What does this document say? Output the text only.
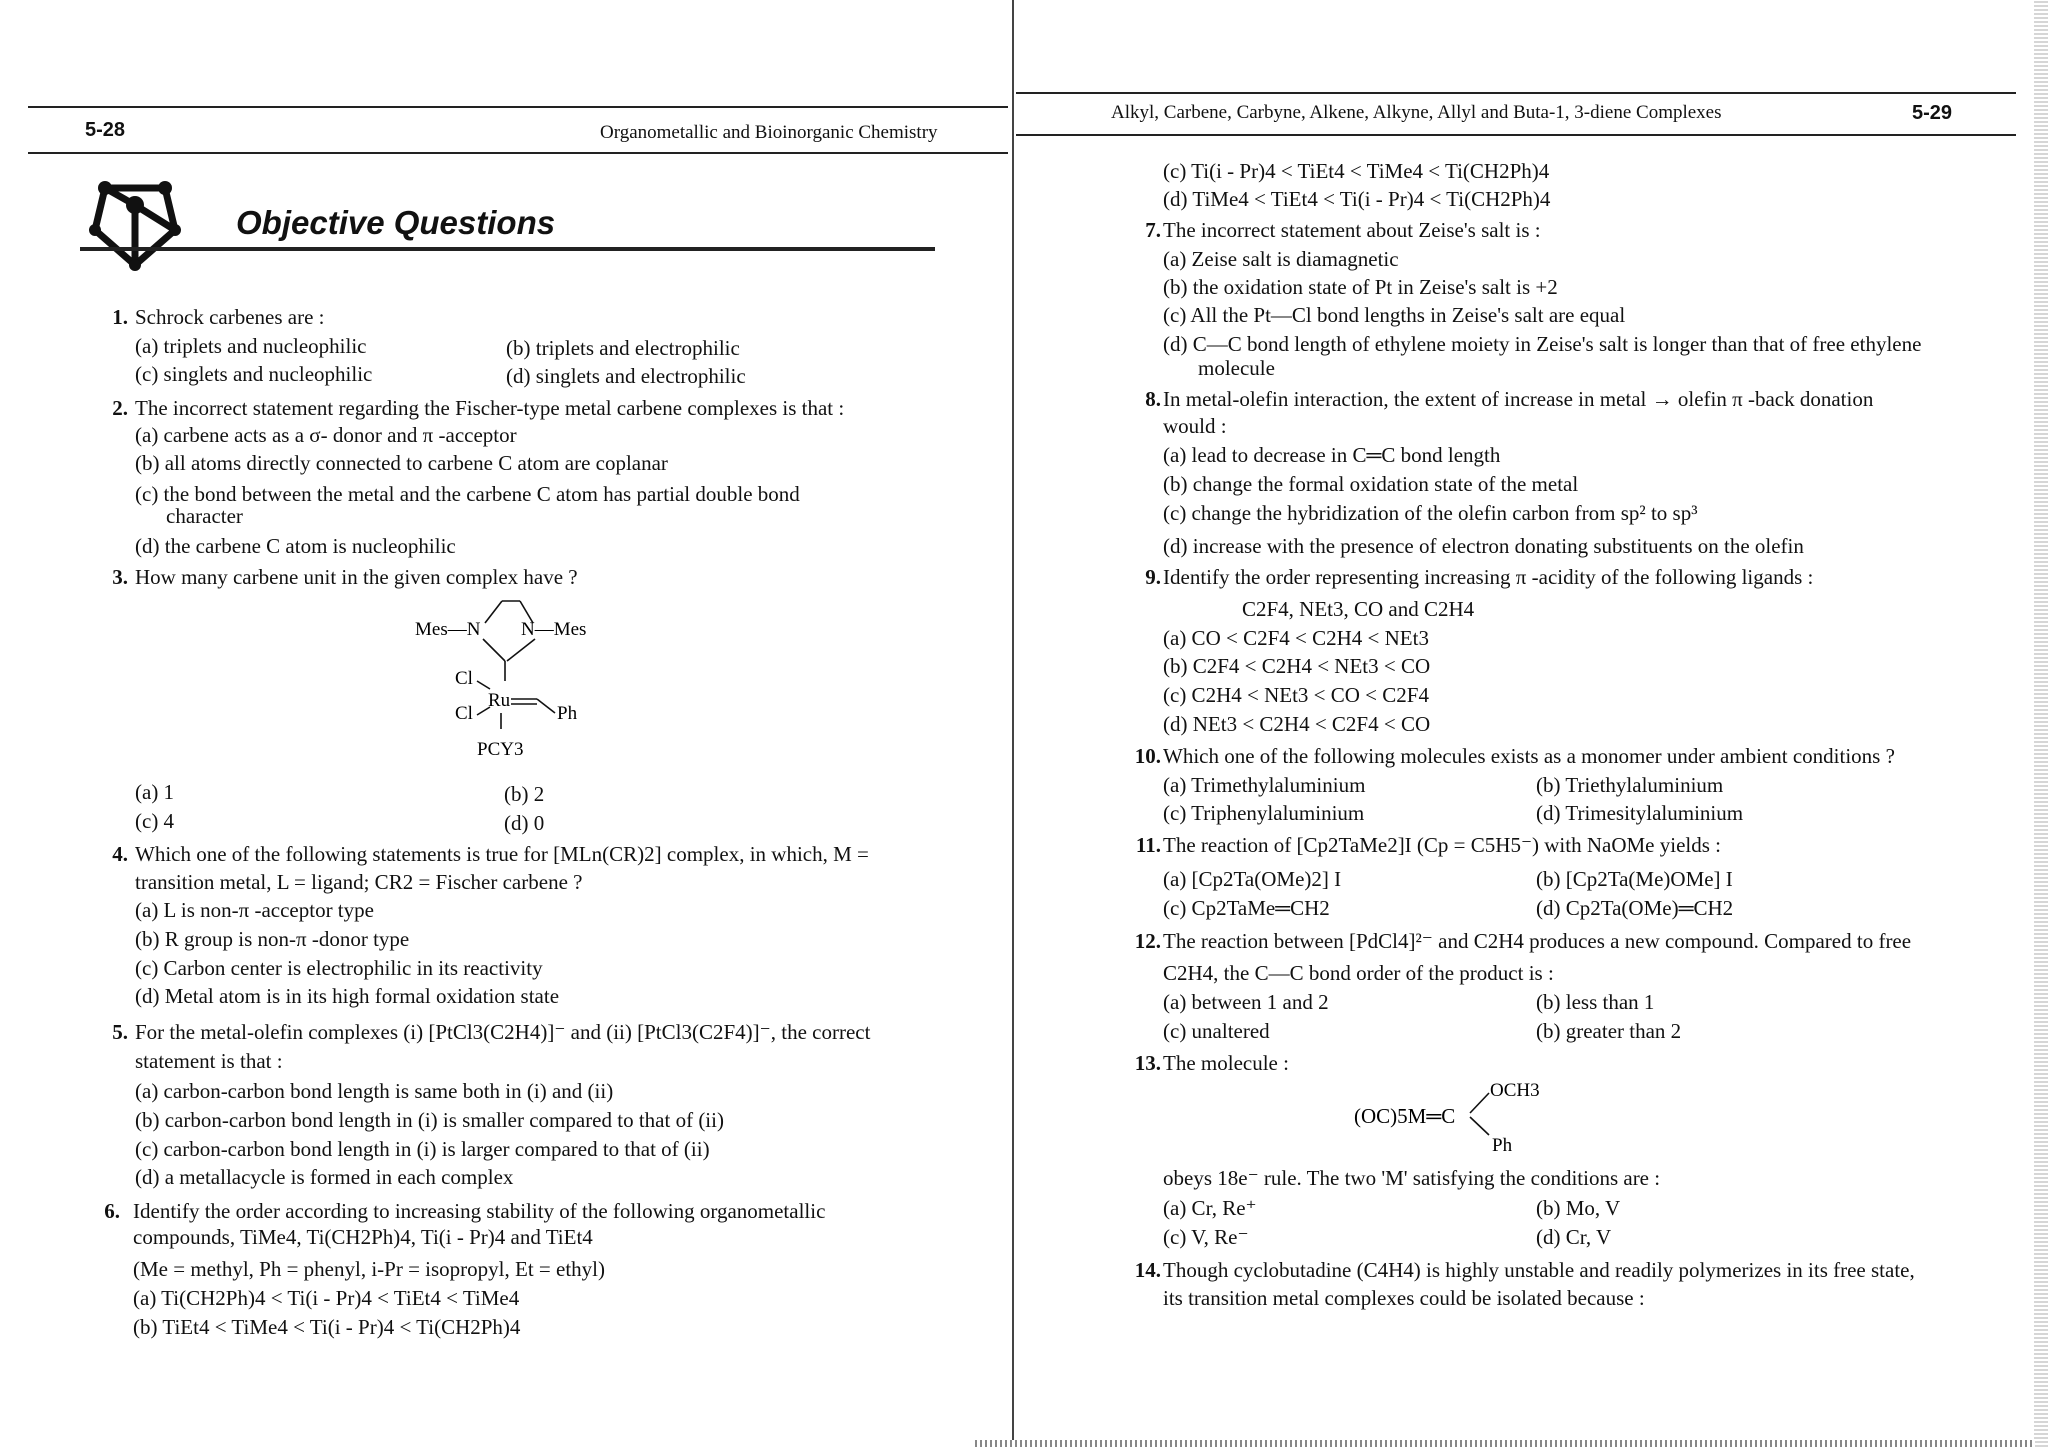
5-28	Organometallic and Bioinorganic Chemistry
Objective Questions
1. Schrock carbenes are :
(a) triplets and nucleophilic	(b) triplets and electrophilic
(c) singlets and nucleophilic	(d) singlets and electrophilic
2. The incorrect statement regarding the Fischer-type metal carbene complexes is that :
(a) carbene acts as a σ- donor and π -acceptor
(b) all atoms directly connected to carbene C atom are coplanar
(c) the bond between the metal and the carbene C atom has partial double bond
character
(d) the carbene C atom is nucleophilic
3. How many carbene unit in the given complex have ?
Mes—N N—Mes
Cl
Cl
Ru
Ph
PCY3
(a) 1	(b) 2
(c) 4	(d) 0
4. Which one of the following statements is true for [MLn(CR)2] complex, in which, M =
transition metal, L = ligand; CR2 = Fischer carbene ?
(a) L is non-π -acceptor type
(b) R group is non-π -donor type
(c) Carbon center is electrophilic in its reactivity
(d) Metal atom is in its high formal oxidation state
5. For the metal-olefin complexes (i) [PtCl3(C2H4)]⁻ and (ii) [PtCl3(C2F4)]⁻, the correct
statement is that :
(a) carbon-carbon bond length is same both in (i) and (ii)
(b) carbon-carbon bond length in (i) is smaller compared to that of (ii)
(c) carbon-carbon bond length in (i) is larger compared to that of (ii)
(d) a metallacycle is formed in each complex
6. Identify the order according to increasing stability of the following organometallic
compounds, TiMe4, Ti(CH2Ph)4, Ti(i - Pr)4 and TiEt4
(Me = methyl, Ph = phenyl, i-Pr = isopropyl, Et = ethyl)
(a) Ti(CH2Ph)4 < Ti(i - Pr)4 < TiEt4 < TiMe4
(b) TiEt4 < TiMe4 < Ti(i - Pr)4 < Ti(CH2Ph)4
Alkyl, Carbene, Carbyne, Alkene, Alkyne, Allyl and Buta-1, 3-diene Complexes	5-29
(c) Ti(i - Pr)4 < TiEt4 < TiMe4 < Ti(CH2Ph)4
(d) TiMe4 < TiEt4 < Ti(i - Pr)4 < Ti(CH2Ph)4
7. The incorrect statement about Zeise's salt is :
(a) Zeise salt is diamagnetic
(b) the oxidation state of Pt in Zeise's salt is +2
(c) All the Pt—Cl bond lengths in Zeise's salt are equal
(d) C—C bond length of ethylene moiety in Zeise's salt is longer than that of free ethylene
molecule
8. In metal-olefin interaction, the extent of increase in metal → olefin π -back donation
would :
(a) lead to decrease in C═C bond length
(b) change the formal oxidation state of the metal
(c) change the hybridization of the olefin carbon from sp² to sp³
(d) increase with the presence of electron donating substituents on the olefin
9. Identify the order representing increasing π -acidity of the following ligands :
C2F4, NEt3, CO and C2H4
(a) CO < C2F4 < C2H4 < NEt3
(b) C2F4 < C2H4 < NEt3 < CO
(c) C2H4 < NEt3 < CO < C2F4
(d) NEt3 < C2H4 < C2F4 < CO
10. Which one of the following molecules exists as a monomer under ambient conditions ?
(a) Trimethylaluminium	(b) Triethylaluminium
(c) Triphenylaluminium	(d) Trimesitylaluminium
11. The reaction of [Cp2TaMe2]I (Cp = C5H5⁻) with NaOMe yields :
(a) [Cp2Ta(OMe)2] I	(b) [Cp2Ta(Me)OMe] I
(c) Cp2TaMe═CH2	(d) Cp2Ta(OMe)═CH2
12. The reaction between [PdCl4]²⁻ and C2H4 produces a new compound. Compared to free
C2H4, the C—C bond order of the product is :
(a) between 1 and 2	(b) less than 1
(c) unaltered	(b) greater than 2
13. The molecule :
(OC)5M═C
OCH3
Ph
obeys 18e⁻ rule. The two 'M' satisfying the conditions are :
(a) Cr, Re⁺	(b) Mo, V
(c) V, Re⁻	(d) Cr, V
14. Though cyclobutadine (C4H4) is highly unstable and readily polymerizes in its free state,
its transition metal complexes could be isolated because :
